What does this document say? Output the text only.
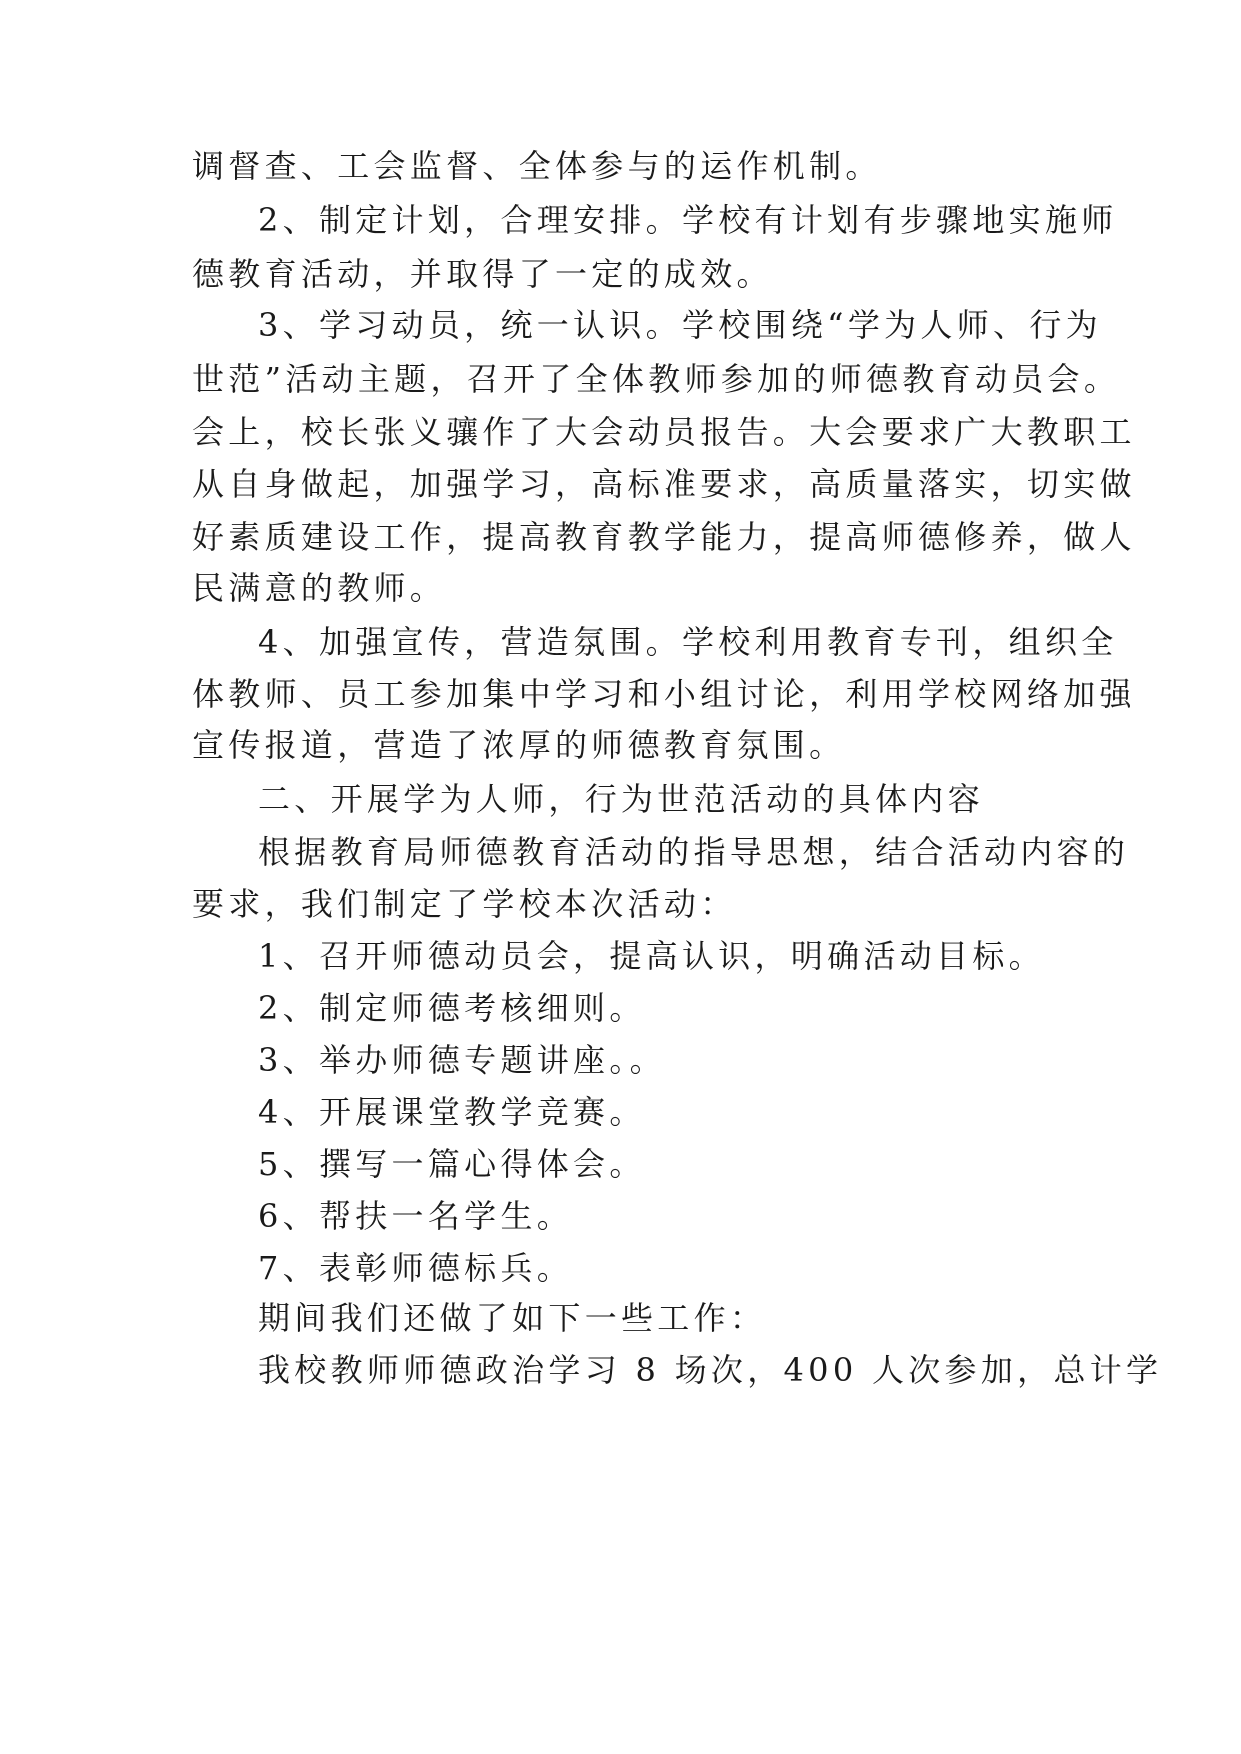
调督查、工会监督、全体参与的运作机制。
2、制定计划，合理安排。学校有计划有步骤地实施师
德教育活动，并取得了一定的成效。
3、学习动员，统一认识。学校围绕“学为人师、行为
世范”活动主题，召开了全体教师参加的师德教育动员会。
会上，校长张义骧作了大会动员报告。大会要求广大教职工
从自身做起，加强学习，高标准要求，高质量落实，切实做
好素质建设工作，提高教育教学能力，提高师德修养，做人
民满意的教师。
4、加强宣传，营造氛围。学校利用教育专刊，组织全
体教师、员工参加集中学习和小组讨论，利用学校网络加强
宣传报道，营造了浓厚的师德教育氛围。
二、开展学为人师，行为世范活动的具体内容
根据教育局师德教育活动的指导思想，结合活动内容的
要求，我们制定了学校本次活动：
1、召开师德动员会，提高认识，明确活动目标。
2、制定师德考核细则。
3、举办师德专题讲座。。
4、开展课堂教学竞赛。
5、撰写一篇心得体会。
6、帮扶一名学生。
7、表彰师德标兵。
期间我们还做了如下一些工作：
我校教师师德政治学习 8 场次，400 人次参加，总计学
